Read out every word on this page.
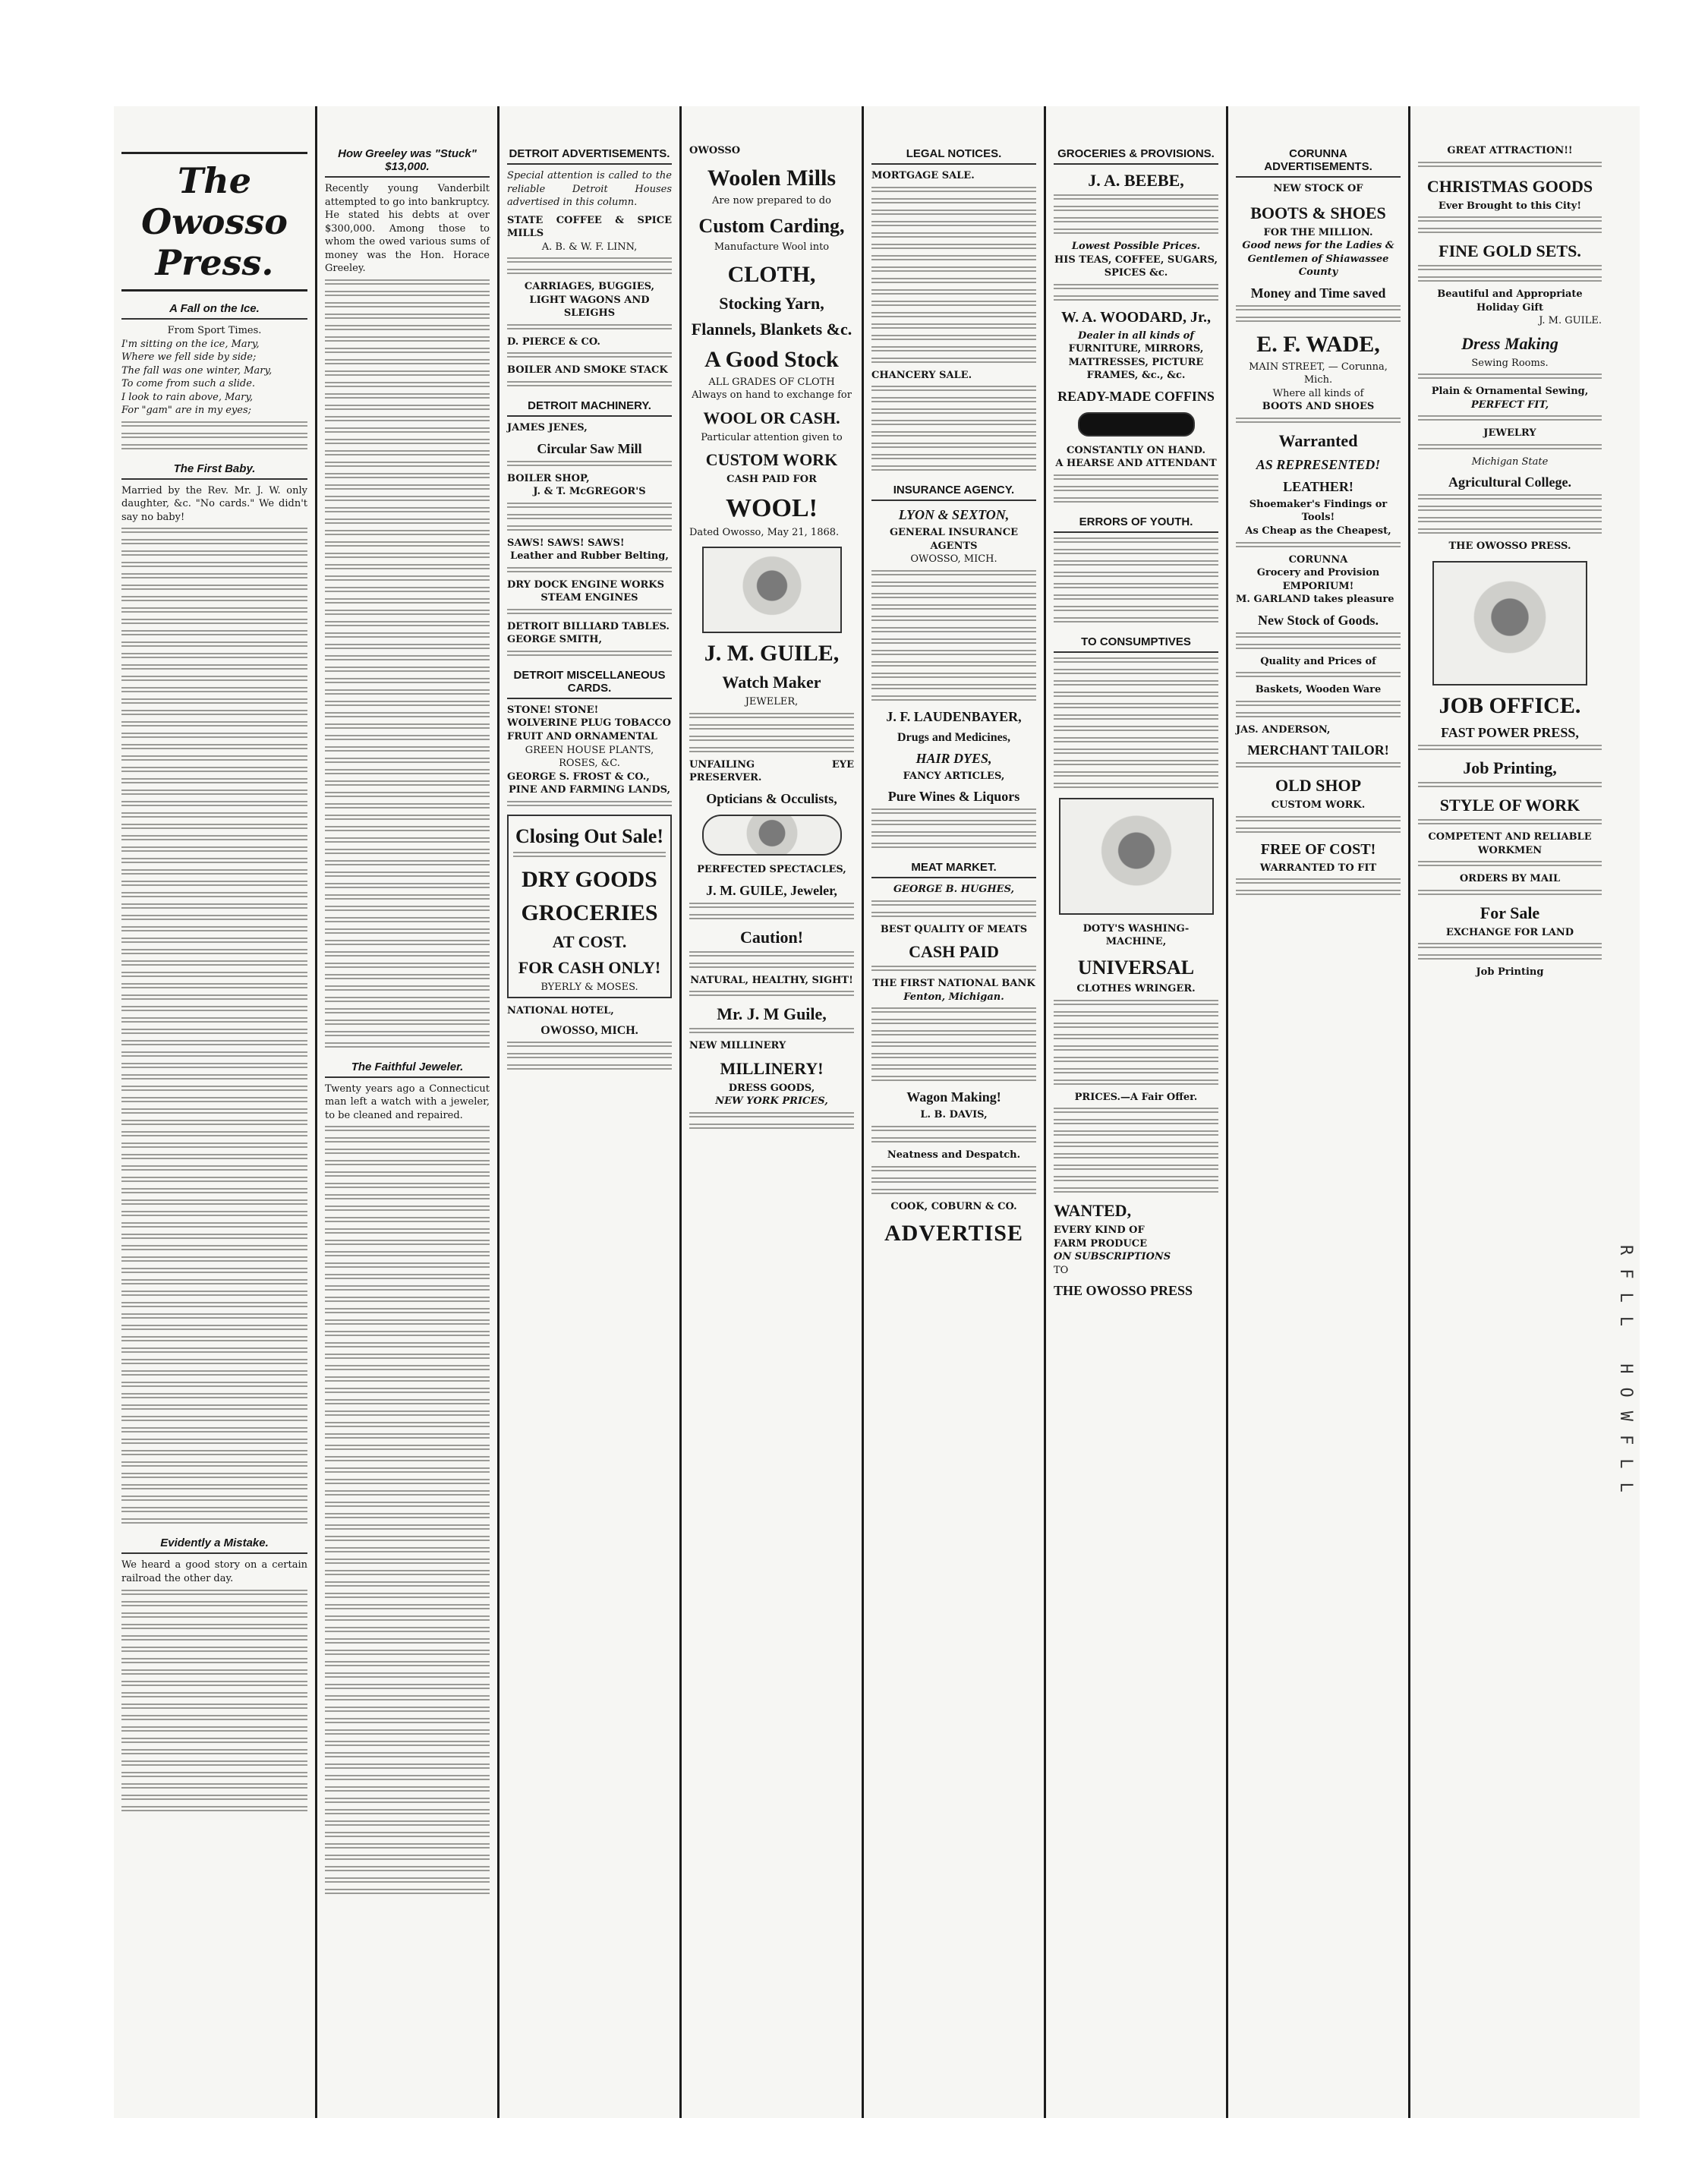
The Owosso Press.
A Fall on the Ice.
From Sport Times.
I'm sitting on the ice, Mary,
Where we fell side by side;
The fall was one winter, Mary,
To come from such a slide.
I look to rain above, Mary,
For "gam" are in my eyes;
The First Baby.
Married by the Rev. Mr. J. W. only daughter, &c. "No cards." We didn't say no baby!
Evidently a Mistake.
We heard a good story on a certain railroad the other day.
How Greeley was "Stuck" $13,000.
Recently young Vanderbilt attempted to go into bankruptcy. He stated his debts at over $300,000. Among those to whom the owed various sums of money was the Hon. Horace Greeley.
The Faithful Jeweler.
Twenty years ago a Connecticut man left a watch with a jeweler, to be cleaned and repaired.
DETROIT ADVERTISEMENTS.
Special attention is called to the reliable Detroit Houses advertised in this column.
STATE COFFEE & SPICE MILLS
A. B. & W. F. LINN,
CARRIAGES, BUGGIES, LIGHT WAGONS AND SLEIGHS
D. PIERCE & CO.
BOILER AND SMOKE STACK
DETROIT MACHINERY.
JAMES JENES,
Circular Saw Mill
BOILER SHOP,
J. & T. McGREGOR'S
SAWS! SAWS! SAWS!
Leather and Rubber Belting,
DRY DOCK ENGINE WORKS
STEAM ENGINES
DETROIT BILLIARD TABLES.
GEORGE SMITH,
DETROIT MISCELLANEOUS CARDS.
STONE! STONE!
WOLVERINE PLUG TOBACCO
FRUIT AND ORNAMENTAL
GREEN HOUSE PLANTS, ROSES, &C.
GEORGE S. FROST & CO.,
PINE AND FARMING LANDS,
Closing Out Sale!
DRY GOODS
GROCERIES
AT COST.
FOR CASH ONLY!
BYERLY & MOSES.
NATIONAL HOTEL,
OWOSSO, MICH.
OWOSSO
Woolen Mills
Are now prepared to do
Custom Carding,
Manufacture Wool into
CLOTH,
Stocking Yarn,
Flannels, Blankets &c.
A Good Stock
ALL GRADES OF CLOTH
Always on hand to exchange for
WOOL OR CASH.
Particular attention given to
CUSTOM WORK
CASH PAID FOR
WOOL!
Dated Owosso, May 21, 1868.
J. M. GUILE,
Watch Maker
JEWELER,
UNFAILING EYE PRESERVER.
Opticians & Occulists,
PERFECTED SPECTACLES,
J. M. GUILE, Jeweler,
Caution!
NATURAL, HEALTHY, SIGHT!
Mr. J. M Guile,
NEW MILLINERY
MILLINERY!
DRESS GOODS,
NEW YORK PRICES,
LEGAL NOTICES.
MORTGAGE SALE.
CHANCERY SALE.
INSURANCE AGENCY.
LYON & SEXTON,
GENERAL INSURANCE AGENTS
OWOSSO, MICH.
J. F. LAUDENBAYER,
Drugs and Medicines,
HAIR DYES,
FANCY ARTICLES,
Pure Wines & Liquors
MEAT MARKET.
GEORGE B. HUGHES,
BEST QUALITY OF MEATS
CASH PAID
THE FIRST NATIONAL BANK
Fenton, Michigan.
Wagon Making!
L. B. DAVIS,
Neatness and Despatch.
COOK, COBURN & CO.
ADVERTISE
GROCERIES & PROVISIONS.
J. A. BEEBE,
Lowest Possible Prices.
HIS TEAS, COFFEE, SUGARS, SPICES &c.
W. A. WOODARD, Jr.,
Dealer in all kinds of
FURNITURE, MIRRORS, MATTRESSES, PICTURE FRAMES, &c., &c.
READY-MADE COFFINS
CONSTANTLY ON HAND.
A HEARSE AND ATTENDANT
ERRORS OF YOUTH.
TO CONSUMPTIVES
DOTY'S WASHING-MACHINE,
UNIVERSAL
CLOTHES WRINGER.
PRICES.—A Fair Offer.
WANTED,
EVERY KIND OF
FARM PRODUCE
ON SUBSCRIPTIONS
TO
THE OWOSSO PRESS
CORUNNA ADVERTISEMENTS.
NEW STOCK OF
BOOTS & SHOES
FOR THE MILLION.
Good news for the Ladies & Gentlemen of Shiawassee County
Money and Time saved
E. F. WADE,
MAIN STREET, — Corunna, Mich.
Where all kinds of
BOOTS AND SHOES
Warranted
AS REPRESENTED!
LEATHER!
Shoemaker's Findings or Tools!
As Cheap as the Cheapest,
CORUNNA
Grocery and Provision
EMPORIUM!
M. GARLAND takes pleasure
New Stock of Goods.
Quality and Prices of
Baskets, Wooden Ware
JAS. ANDERSON,
MERCHANT TAILOR!
OLD SHOP
CUSTOM WORK.
FREE OF COST!
WARRANTED TO FIT
GREAT ATTRACTION!!
CHRISTMAS GOODS
Ever Brought to this City!
FINE GOLD SETS.
Beautiful and Appropriate Holiday Gift
J. M. GUILE.
Dress Making
Sewing Rooms.
Plain & Ornamental Sewing,
PERFECT FIT,
JEWELRY
Michigan State
Agricultural College.
THE OWOSSO PRESS.
JOB OFFICE.
FAST POWER PRESS,
Job Printing,
STYLE OF WORK
COMPETENT AND RELIABLE WORKMEN
ORDERS BY MAIL
For Sale
EXCHANGE FOR LAND
Job Printing
RFLL HOWFLL
